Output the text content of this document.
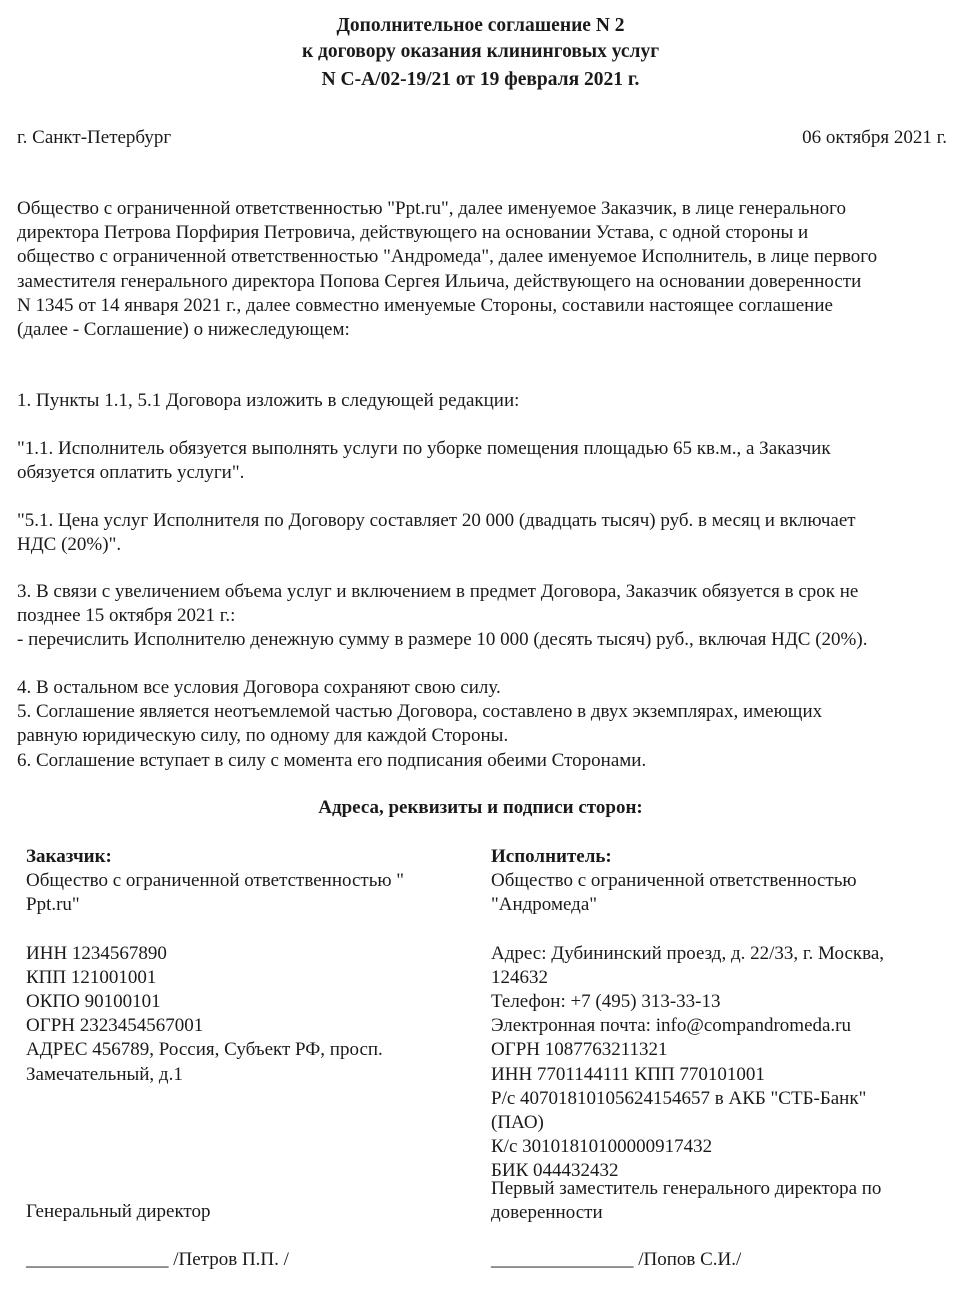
Дополнительное соглашение N 2
к договору оказания клининговых услуг
N С-А/02-19/21 от 19 февраля 2021 г.
г. Санкт-Петербург	06 октября 2021 г.
Общество с ограниченной ответственностью "Ppt.ru", далее именуемое Заказчик, в лице генерального
директора Петрова Порфирия Петровича, действующего на основании Устава, с одной стороны и
общество с ограниченной ответственностью "Андромеда", далее именуемое Исполнитель, в лице первого
заместителя генерального директора Попова Сергея Ильича, действующего на основании доверенности
N 1345 от 14 января 2021 г., далее совместно именуемые Стороны, составили настоящее соглашение
(далее - Соглашение) о нижеследующем:
1. Пункты 1.1, 5.1 Договора изложить в следующей редакции:
"1.1. Исполнитель обязуется выполнять услуги по уборке помещения площадью 65 кв.м., а Заказчик
обязуется оплатить услуги".
"5.1. Цена услуг Исполнителя по Договору составляет 20 000 (двадцать тысяч) руб. в месяц и включает
НДС (20%)".
3. В связи с увеличением объема услуг и включением в предмет Договора, Заказчик обязуется в срок не
позднее 15 октября 2021 г.:
- перечислить Исполнителю денежную сумму в размере 10 000 (десять тысяч) руб., включая НДС (20%).
4. В остальном все условия Договора сохраняют свою силу.
5. Соглашение является неотъемлемой частью Договора, составлено в двух экземплярах, имеющих
равную юридическую силу, по одному для каждой Стороны.
6. Соглашение вступает в силу с момента его подписания обеими Сторонами.
Адреса, реквизиты и подписи сторон:
Заказчик:
Общество с ограниченной ответственностью "
Ppt.ru"
ИНН 1234567890
КПП 121001001
ОКПО 90100101
ОГРН 2323454567001
АДРЕС 456789, Россия, Субъект РФ, просп.
Замечательный, д.1
Исполнитель:
Общество с ограниченной ответственностью
"Андромеда"
Адрес: Дубининский проезд, д. 22/33, г. Москва,
124632
Телефон: +7 (495) 313-33-13
Электронная почта: info@compandromeda.ru
ОГРН 1087763211321
ИНН 7701144111 КПП 770101001
Р/с 40701810105624154657 в АКБ "СТБ-Банк"
(ПАО)
К/с 30101810100000917432
БИК 044432432
Генеральный директор
Первый заместитель генерального директора по
доверенности
_______________ /Петров П.П. /	_______________ /Попов С.И./
